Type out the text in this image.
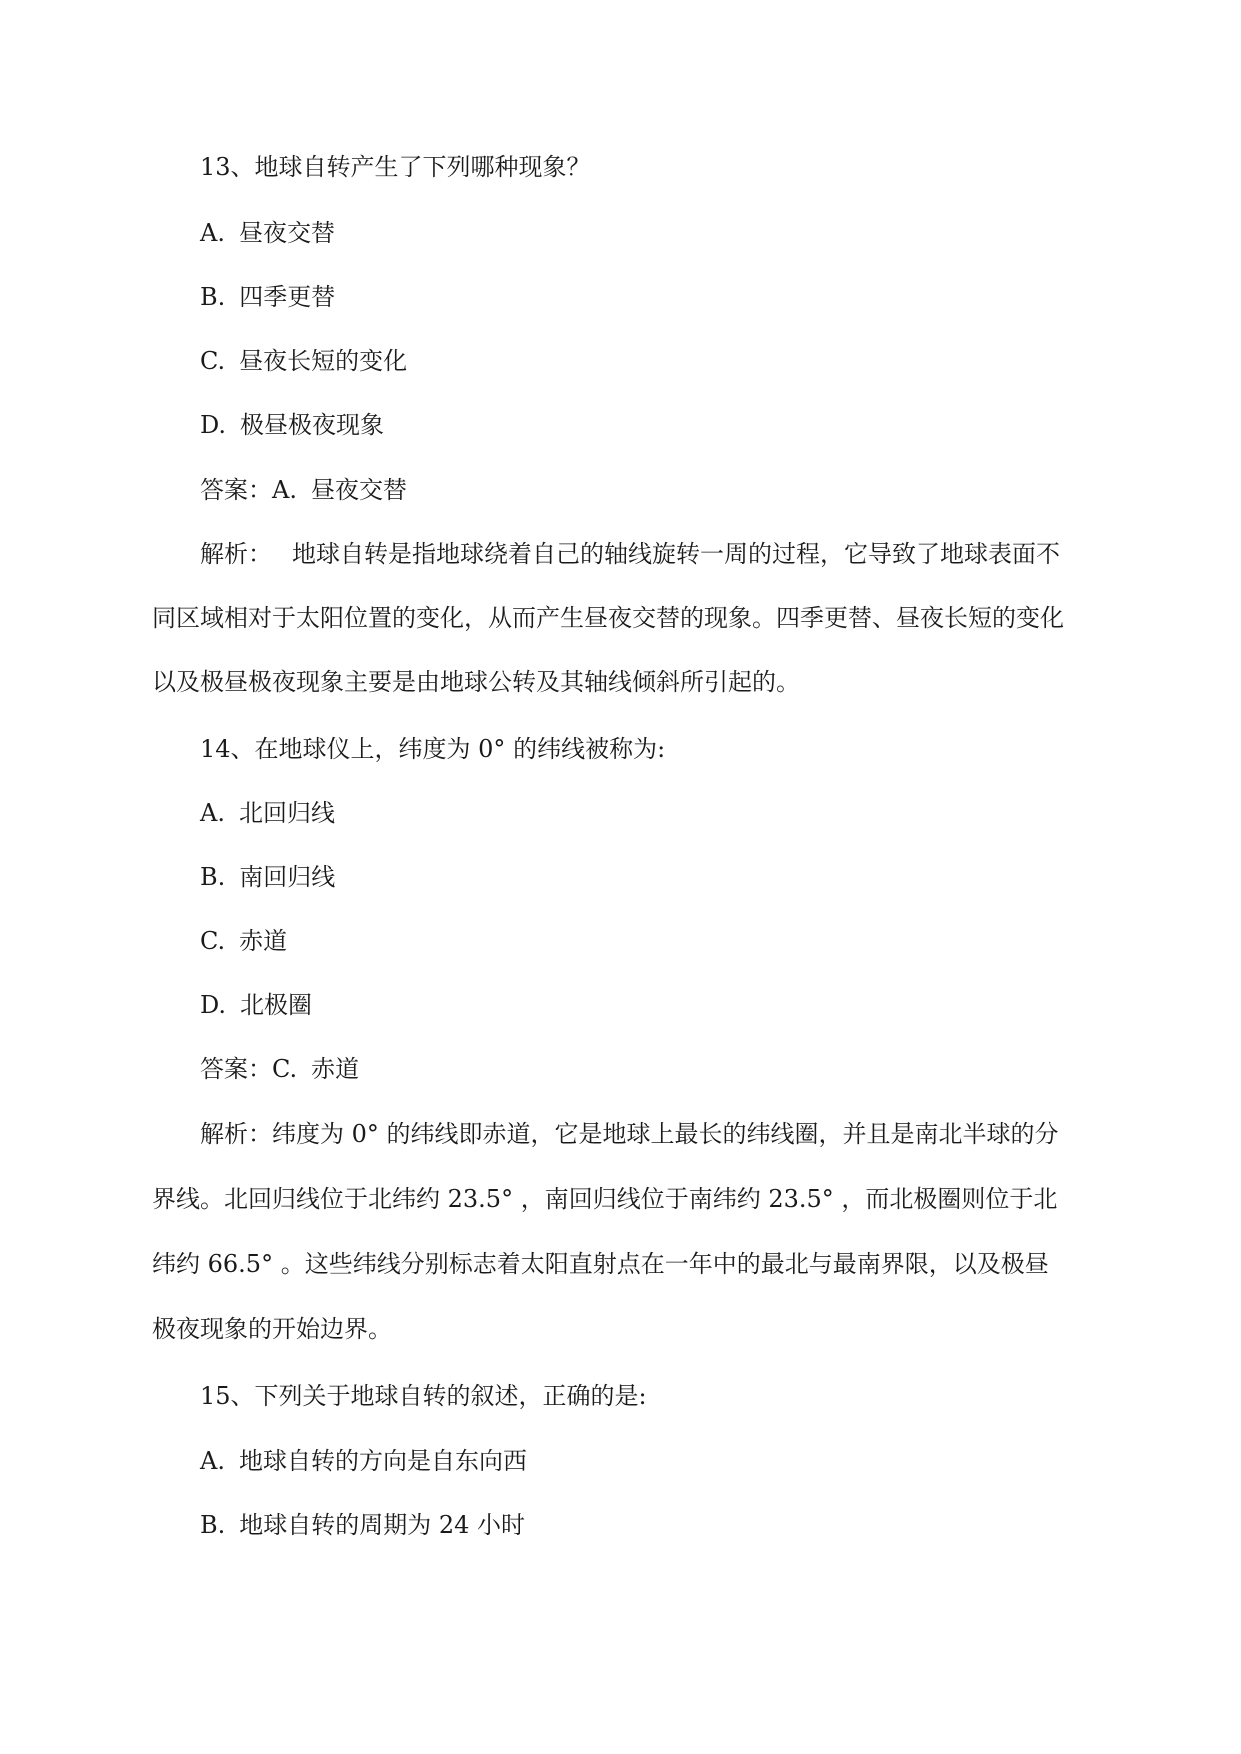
13、地球自转产生了下列哪种现象？

A. 昼夜交替

B. 四季更替

C. 昼夜长短的变化

D. 极昼极夜现象

答案：A. 昼夜交替

解析： 地球自转是指地球绕着自己的轴线旋转一周的过程，它导致了地球表面不

同区域相对于太阳位置的变化，从而产生昼夜交替的现象。四季更替、昼夜长短的变化

以及极昼极夜现象主要是由地球公转及其轴线倾斜所引起的。

14、在地球仪上，纬度为 0° 的纬线被称为:

A. 北回归线

B. 南回归线

C. 赤道

D. 北极圈

答案：C. 赤道

解析：纬度为 0° 的纬线即赤道，它是地球上最长的纬线圈，并且是南北半球的分

界线。北回归线位于北纬约 23.5° ，南回归线位于南纬约 23.5° ，而北极圈则位于北

纬约 66.5° 。这些纬线分别标志着太阳直射点在一年中的最北与最南界限，以及极昼

极夜现象的开始边界。

15、下列关于地球自转的叙述，正确的是:

A. 地球自转的方向是自东向西

B. 地球自转的周期为 24 小时
